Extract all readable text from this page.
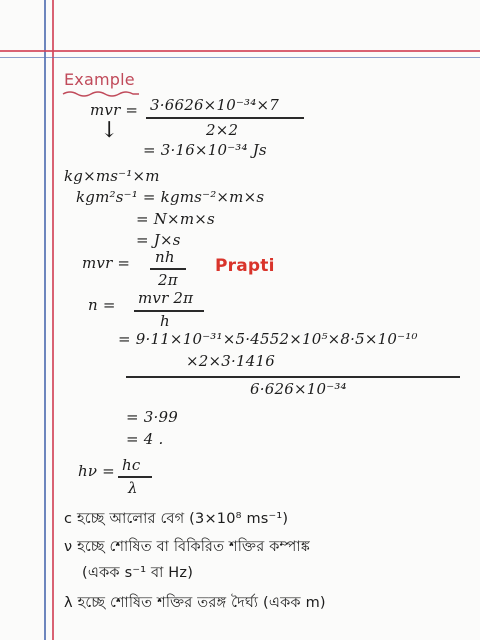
Example
mvr = 3·6626×10⁻³⁴×7
2×2
↓
= 3·16×10⁻³⁴ Js
kg×ms⁻¹×m
kgm²s⁻¹ = kgms⁻²×m×s
= N×m×s
= J×s
mvr = nh
2π
Prapti
n = mvr 2π
h
= 9·11×10⁻³¹×5·4552×10⁵×8·5×10⁻¹⁰
×2×3·1416
6·626×10⁻³⁴
= 3·99
= 4 .
hν = hc
λ
c হচ্ছে আলোর বেগ (3×10⁸ ms⁻¹)
ν হচ্ছে শোষিত বা বিকিরিত শক্তির কম্পাঙ্ক
(একক s⁻¹ বা Hz)
λ হচ্ছে শোষিত শক্তির তরঙ্গ দৈর্ঘ্য (একক m)
